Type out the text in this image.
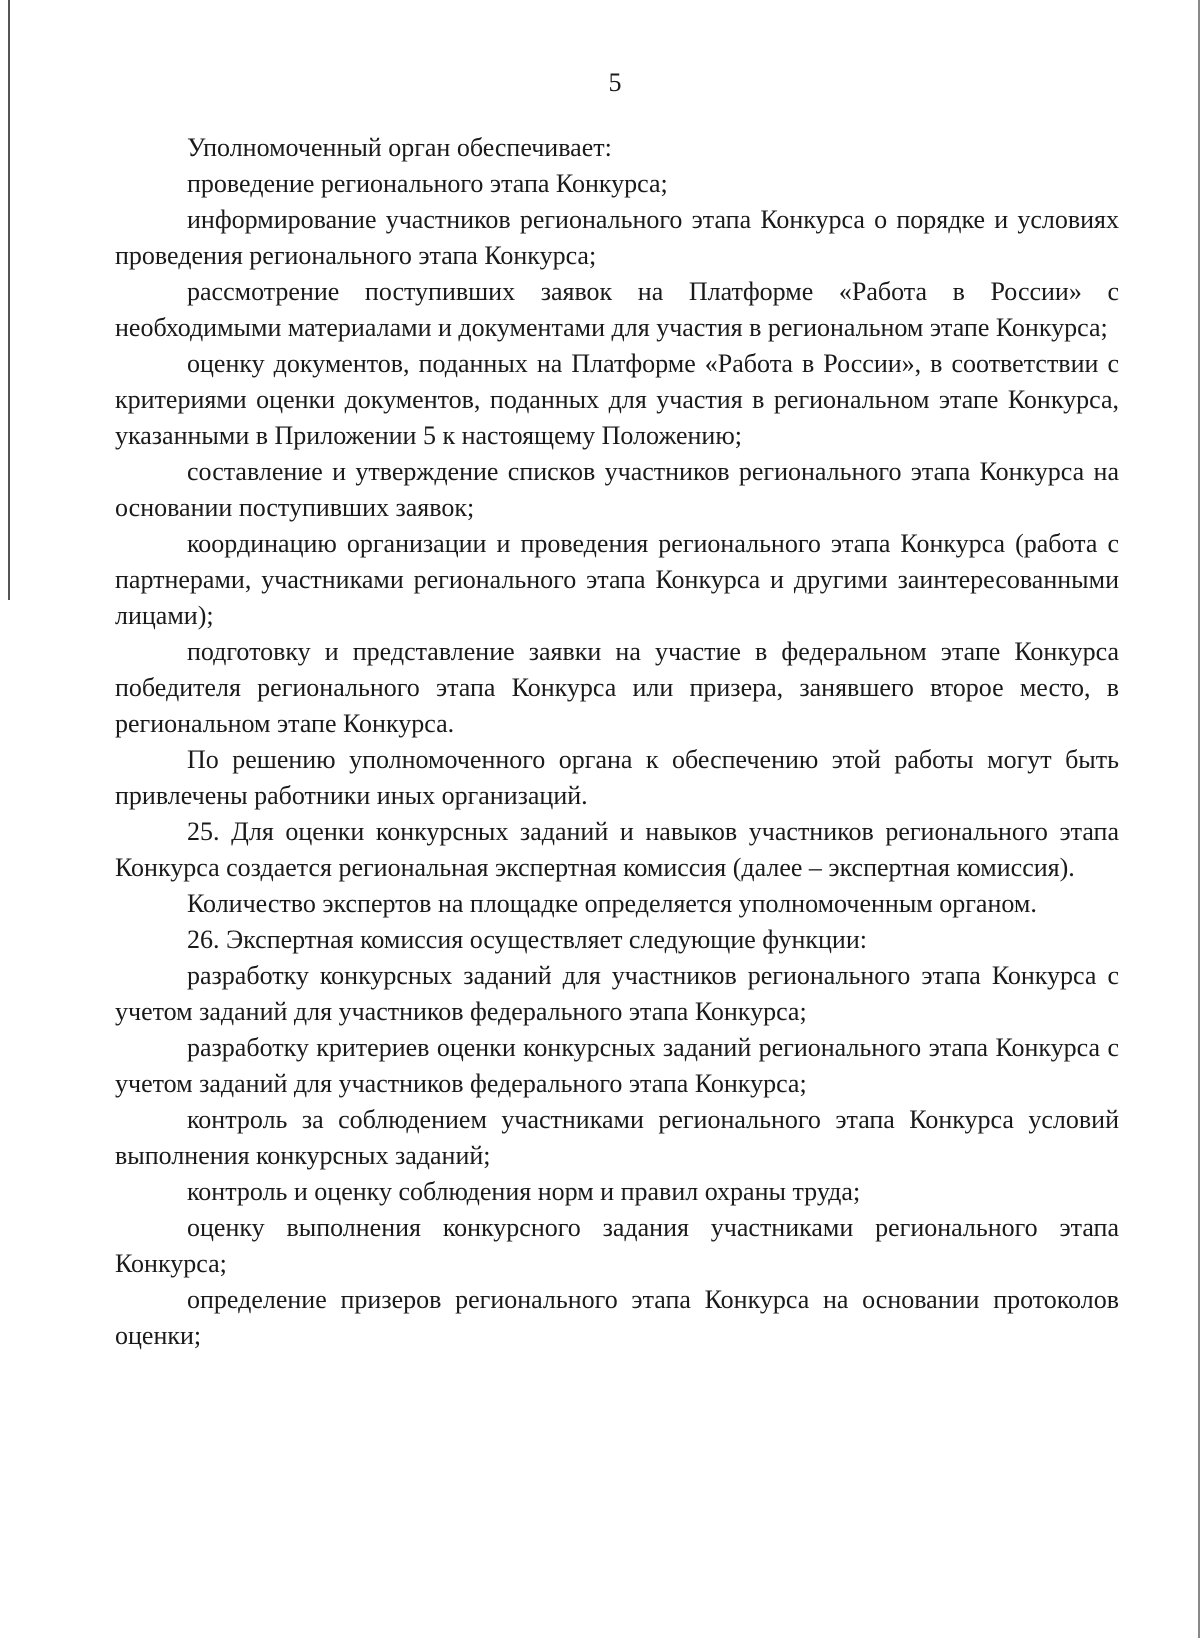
5

Уполномоченный орган обеспечивает:

проведение регионального этапа Конкурса;

информирование участников регионального этапа Конкурса о порядке и условиях проведения регионального этапа Конкурса;

рассмотрение поступивших заявок на Платформе «Работа в России» с необходимыми материалами и документами для участия в региональном этапе Конкурса;

оценку документов, поданных на Платформе «Работа в России», в соответствии с критериями оценки документов, поданных для участия в региональном этапе Конкурса, указанными в Приложении 5 к настоящему Положению;

составление и утверждение списков участников регионального этапа Конкурса на основании поступивших заявок;

координацию организации и проведения регионального этапа Конкурса (работа с партнерами, участниками регионального этапа Конкурса и другими заинтересованными лицами);

подготовку и представление заявки на участие в федеральном этапе Конкурса победителя регионального этапа Конкурса или призера, занявшего второе место, в региональном этапе Конкурса.

По решению уполномоченного органа к обеспечению этой работы могут быть привлечены работники иных организаций.

25. Для оценки конкурсных заданий и навыков участников регионального этапа Конкурса создается региональная экспертная комиссия (далее – экспертная комиссия).

Количество экспертов на площадке определяется уполномоченным органом.

26. Экспертная комиссия осуществляет следующие функции:

разработку конкурсных заданий для участников регионального этапа Конкурса с учетом заданий для участников федерального этапа Конкурса;

разработку критериев оценки конкурсных заданий регионального этапа Конкурса с учетом заданий для участников федерального этапа Конкурса;

контроль за соблюдением участниками регионального этапа Конкурса условий выполнения конкурсных заданий;

контроль и оценку соблюдения норм и правил охраны труда;

оценку выполнения конкурсного задания участниками регионального этапа Конкурса;

определение призеров регионального этапа Конкурса на основании протоколов оценки;
